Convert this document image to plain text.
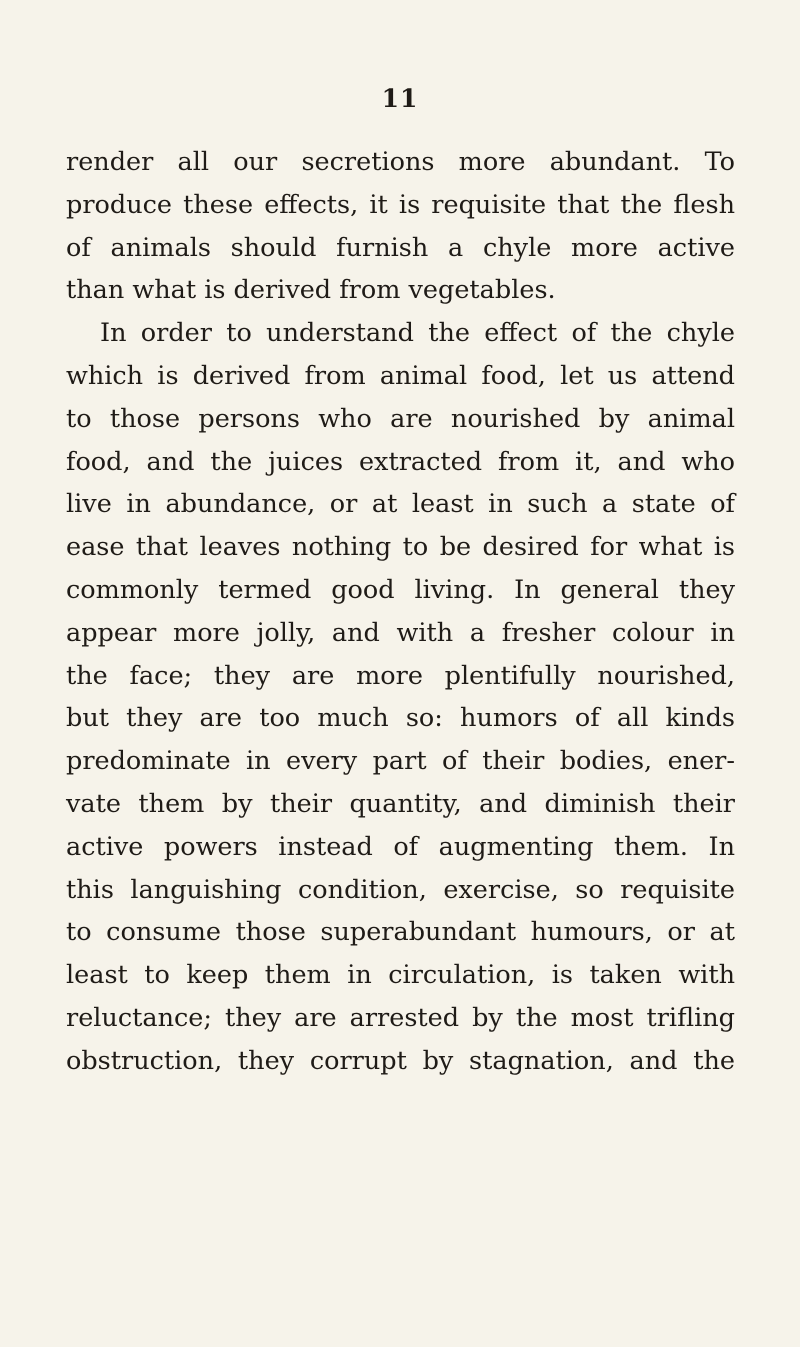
11
render all our secretions more abundant. To
produce these effects, it is requisite that the flesh
of animals should furnish a chyle more active
than what is derived from vegetables.
In order to understand the effect of the chyle
which is derived from animal food, let us attend
to those persons who are nourished by animal
food, and the juices extracted from it, and who
live in abundance, or at least in such a state of
ease that leaves nothing to be desired for what is
commonly termed good living. In general they
appear more jolly, and with a fresher colour in
the face; they are more plentifully nourished,
but they are too much so: humors of all kinds
predominate in every part of their bodies, ener-
vate them by their quantity, and diminish their
active powers instead of augmenting them. In
this languishing condition, exercise, so requisite
to consume those superabundant humours, or at
least to keep them in circulation, is taken with
reluctance; they are arrested by the most trifling
obstruction, they corrupt by stagnation, and the
